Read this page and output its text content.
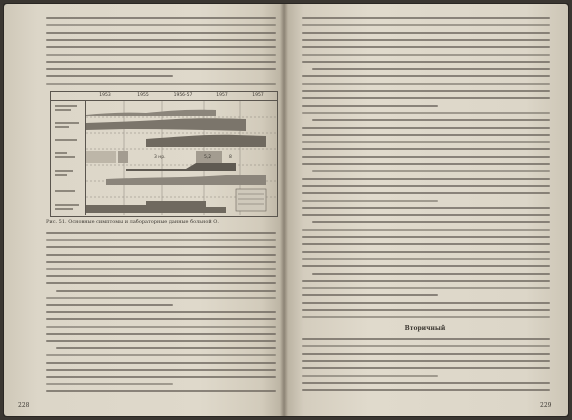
1953	1955	1956-57	1957	1957
3 нр.	5,2	8
Рис. 51. Основные симптомы и лабораторные данные больной О.
228
Вторичный
229
